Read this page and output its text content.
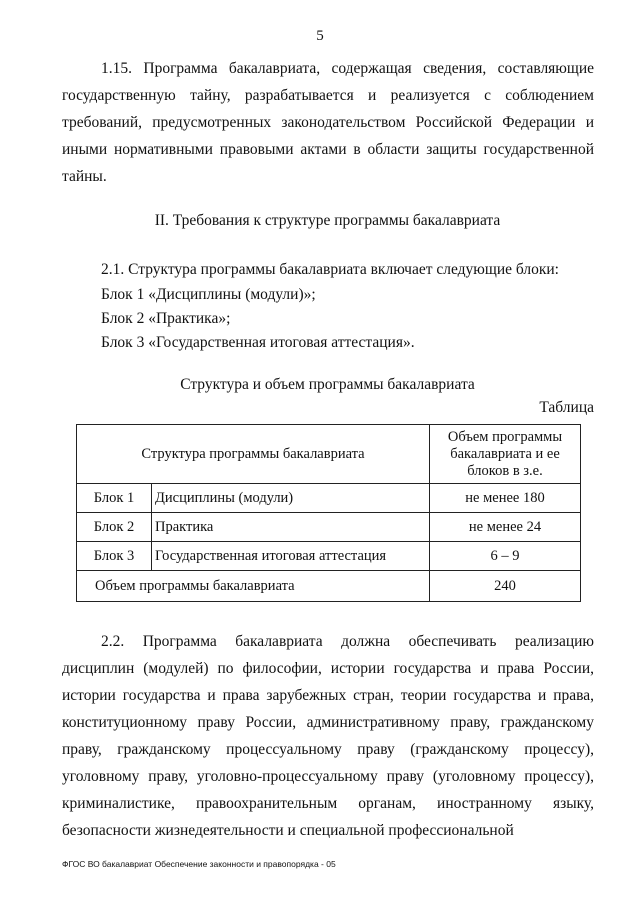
5

1.15. Программа бакалавриата, содержащая сведения, составляющие государственную тайну, разрабатывается и реализуется с соблюдением требований, предусмотренных законодательством Российской Федерации и иными нормативными правовыми актами в области защиты государственной тайны.

II. Требования к структуре программы бакалавриата

2.1. Структура программы бакалавриата включает следующие блоки:

Блок 1 «Дисциплины (модули)»;

Блок 2 «Практика»;

Блок 3 «Государственная итоговая аттестация».

Структура и объем программы бакалавриата

Таблица

Структура программы бакалавриата		Объем программы бакалавриата и ее блоков в з.е.
Блок 1	Дисциплины (модули)	не менее 180
Блок 2	Практика	не менее 24
Блок 3	Государственная итоговая аттестация	6 – 9
Объем программы бакалавриата		240

2.2. Программа бакалавриата должна обеспечивать реализацию дисциплин (модулей) по философии, истории государства и права России, истории государства и права зарубежных стран, теории государства и права, конституционному праву России, административному праву, гражданскому праву, гражданскому процессуальному праву (гражданскому процессу), уголовному праву, уголовно-процессуальному праву (уголовному процессу), криминалистике, правоохранительным органам, иностранному языку, безопасности жизнедеятельности и специальной профессиональной

ФГОС ВО бакалавриат Обеспечение законности и правопорядка - 05
